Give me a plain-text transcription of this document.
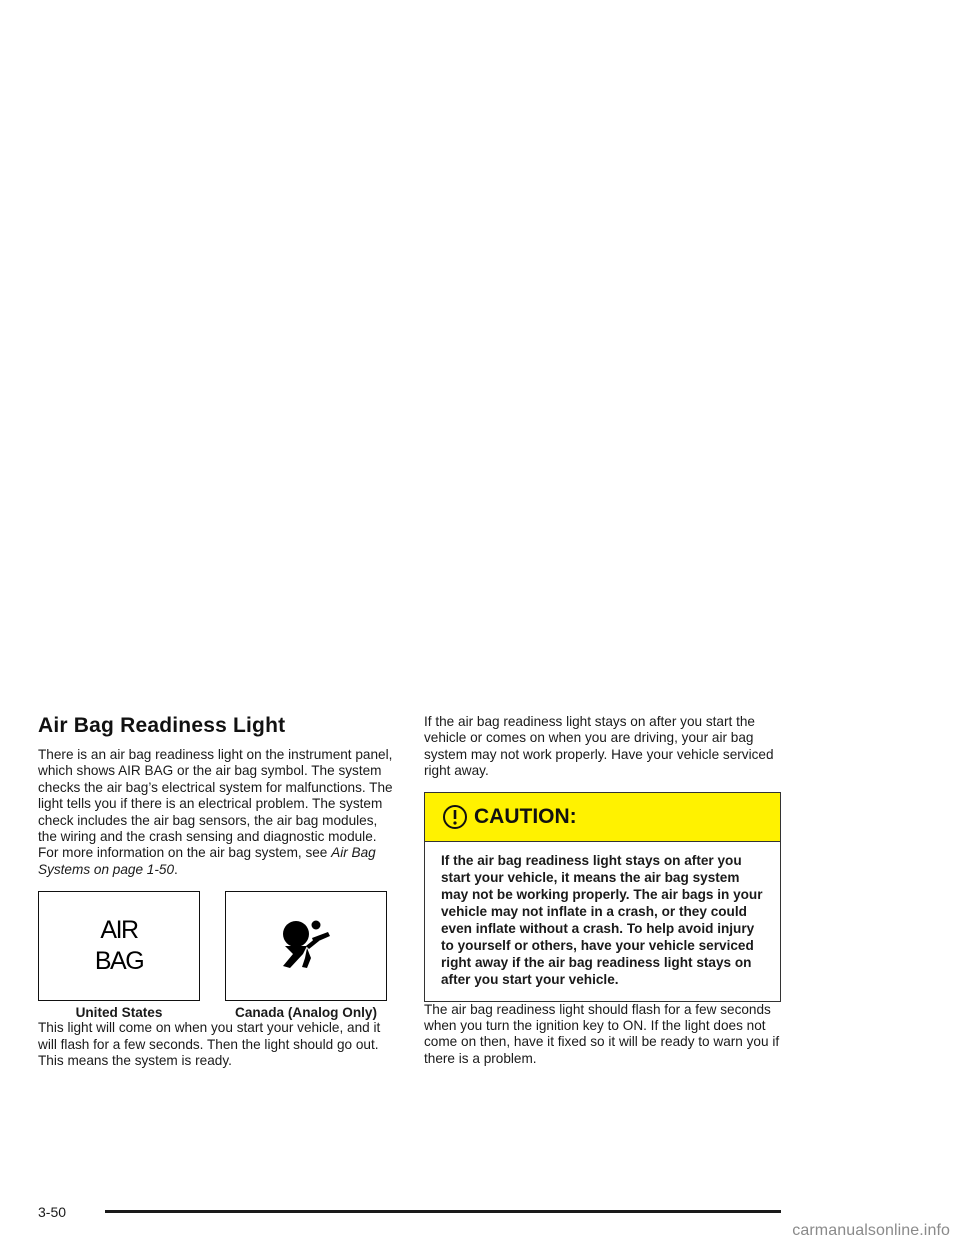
Air Bag Readiness Light

There is an air bag readiness light on the instrument panel, which shows AIR BAG or the air bag symbol. The system checks the air bag’s electrical system for malfunctions. The light tells you if there is an electrical problem. The system check includes the air bag sensors, the air bag modules, the wiring and the crash sensing and diagnostic module. For more information on the air bag system, see Air Bag Systems on page 1-50.

AIR
BAG
United States	Canada (Analog Only)

This light will come on when you start your vehicle, and it will flash for a few seconds. Then the light should go out. This means the system is ready.

If the air bag readiness light stays on after you start the vehicle or comes on when you are driving, your air bag system may not work properly. Have your vehicle serviced right away.

CAUTION:
If the air bag readiness light stays on after you start your vehicle, it means the air bag system may not be working properly. The air bags in your vehicle may not inflate in a crash, or they could even inflate without a crash. To help avoid injury to yourself or others, have your vehicle serviced right away if the air bag readiness light stays on after you start your vehicle.

The air bag readiness light should flash for a few seconds when you turn the ignition key to ON. If the light does not come on then, have it fixed so it will be ready to warn you if there is a problem.

3-50
carmanualsonline.info
